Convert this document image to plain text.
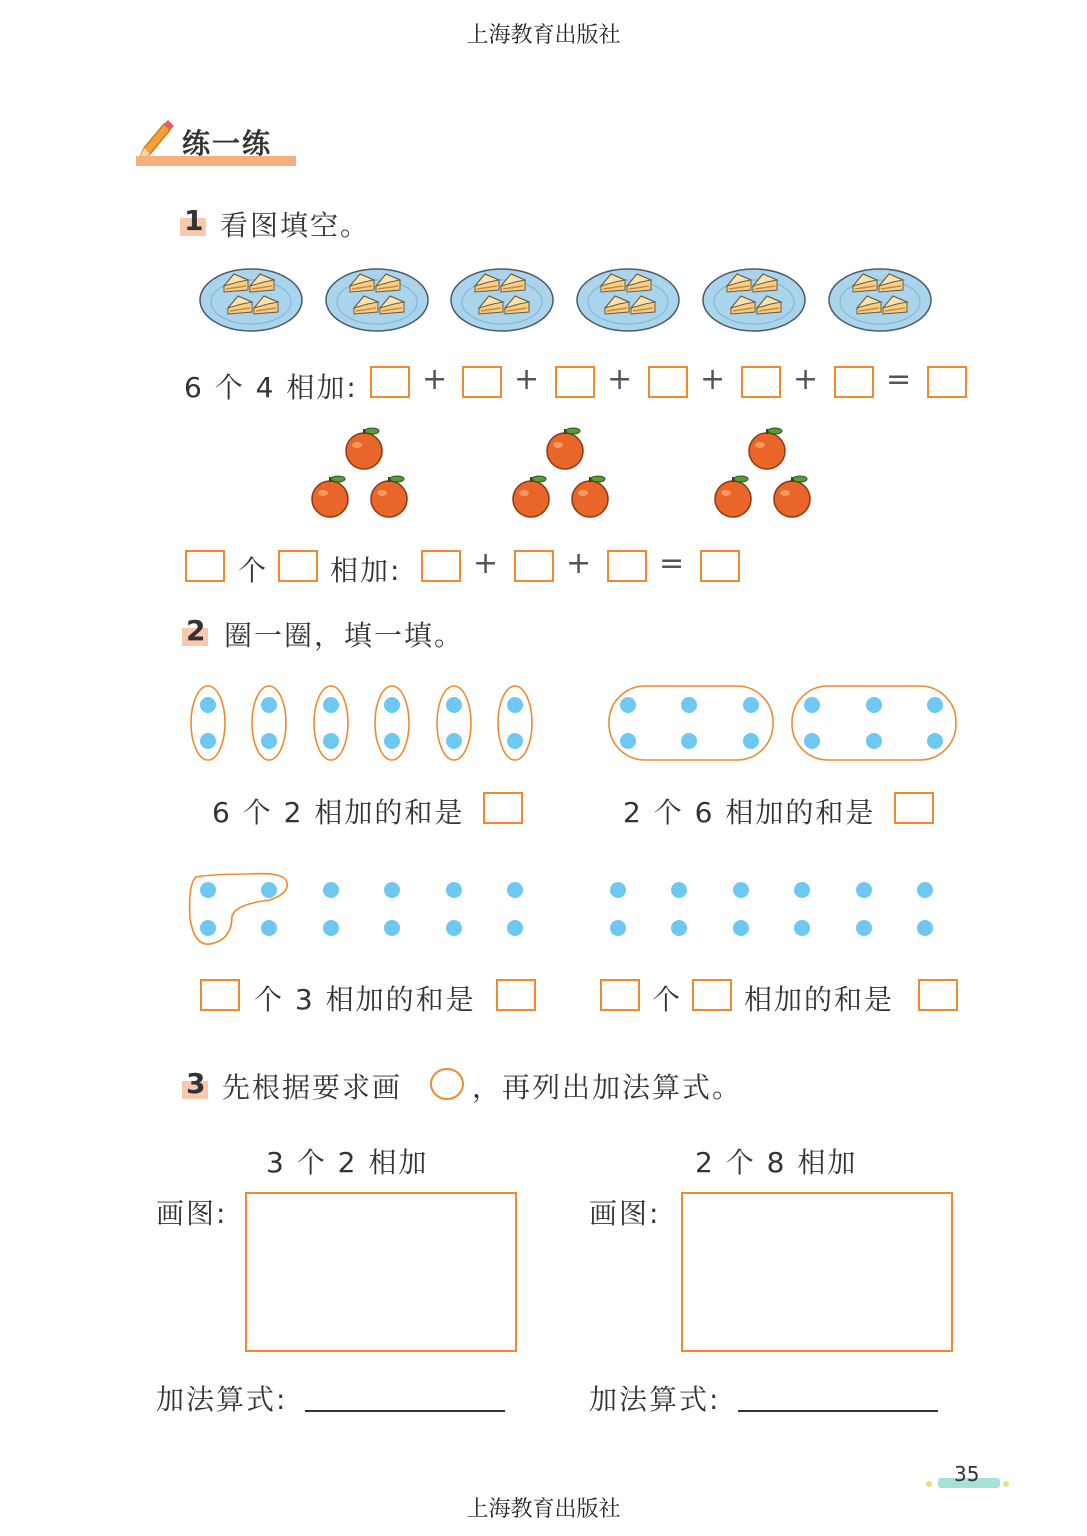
上海教育出版社
练一练
1 看图填空。
6 个 4 相加:
个 相加:
2 圈一圈，填一填。
6 个 2 相加的和是	2 个 6 相加的和是
个 3 相加的和是	个 相加的和是
3 先根据要求画 ，再列出加法算式。
3 个 2 相加	2 个 8 相加
画图:	画图:
加法算式:	加法算式:
35
上海教育出版社
+ + + + + =
+ + =
